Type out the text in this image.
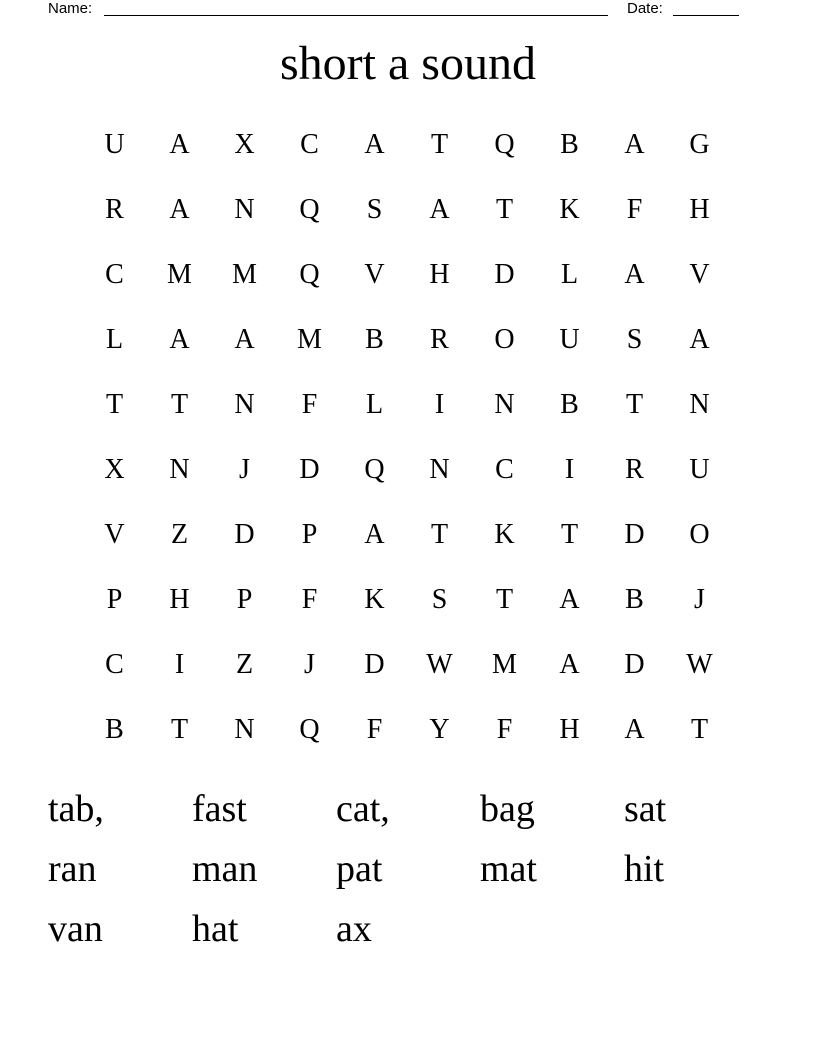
Name:	Date:
short a sound
U	A	X	C	A	T	Q	B	A	G
R	A	N	Q	S	A	T	K	F	H
C	M	M	Q	V	H	D	L	A	V
L	A	A	M	B	R	O	U	S	A
T	T	N	F	L	I	N	B	T	N
X	N	J	D	Q	N	C	I	R	U
V	Z	D	P	A	T	K	T	D	O
P	H	P	F	K	S	T	A	B	J
C	I	Z	J	D	W	M	A	D	W
B	T	N	Q	F	Y	F	H	A	T
tab,	fast	cat,	bag	sat
ran	man	pat	mat	hit
van	hat	ax
